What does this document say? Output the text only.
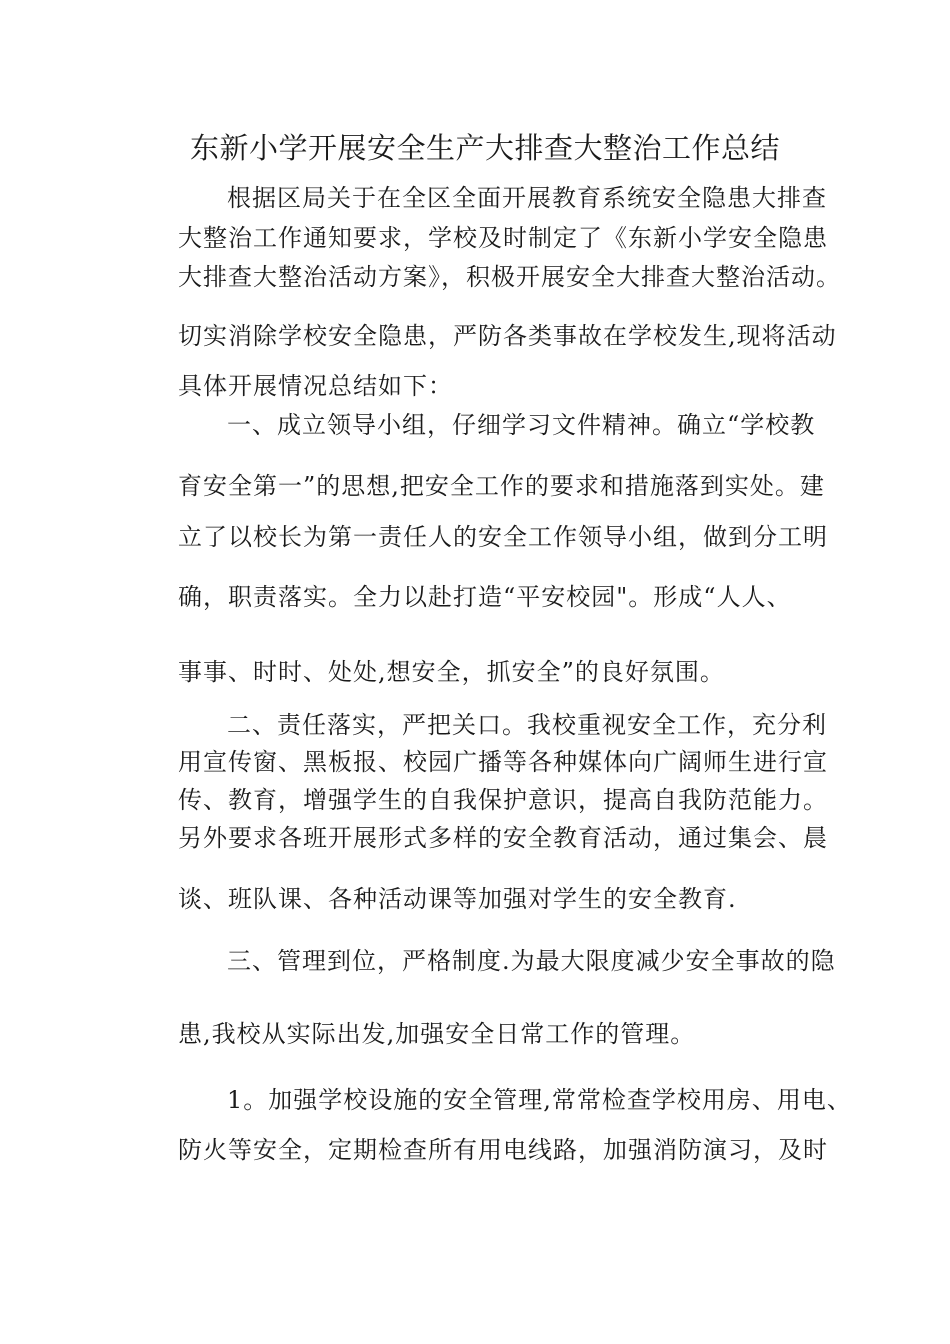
东新小学开展安全生产大排查大整治工作总结
根据区局关于在全区全面开展教育系统安全隐患大排查
大整治工作通知要求，学校及时制定了《东新小学安全隐患
大排查大整治活动方案》，积极开展安全大排查大整治活动。
切实消除学校安全隐患，严防各类事故在学校发生,现将活动
具体开展情况总结如下：
一、成立领导小组，仔细学习文件精神。确立“学校教
育安全第一”的思想,把安全工作的要求和措施落到实处。建
立了以校长为第一责任人的安全工作领导小组，做到分工明
确，职责落实。全力以赴打造“平安校园"。形成“人人、
事事、时时、处处,想安全，抓安全”的良好氛围。
二、责任落实，严把关口。我校重视安全工作，充分利
用宣传窗、黑板报、校园广播等各种媒体向广阔师生进行宣
传、教育，增强学生的自我保护意识，提高自我防范能力。
另外要求各班开展形式多样的安全教育活动，通过集会、晨
谈、班队课、各种活动课等加强对学生的安全教育.
三、管理到位，严格制度.为最大限度减少安全事故的隐
患,我校从实际出发,加强安全日常工作的管理。
1。加强学校设施的安全管理,常常检查学校用房、用电、
防火等安全，定期检查所有用电线路，加强消防演习，及时
